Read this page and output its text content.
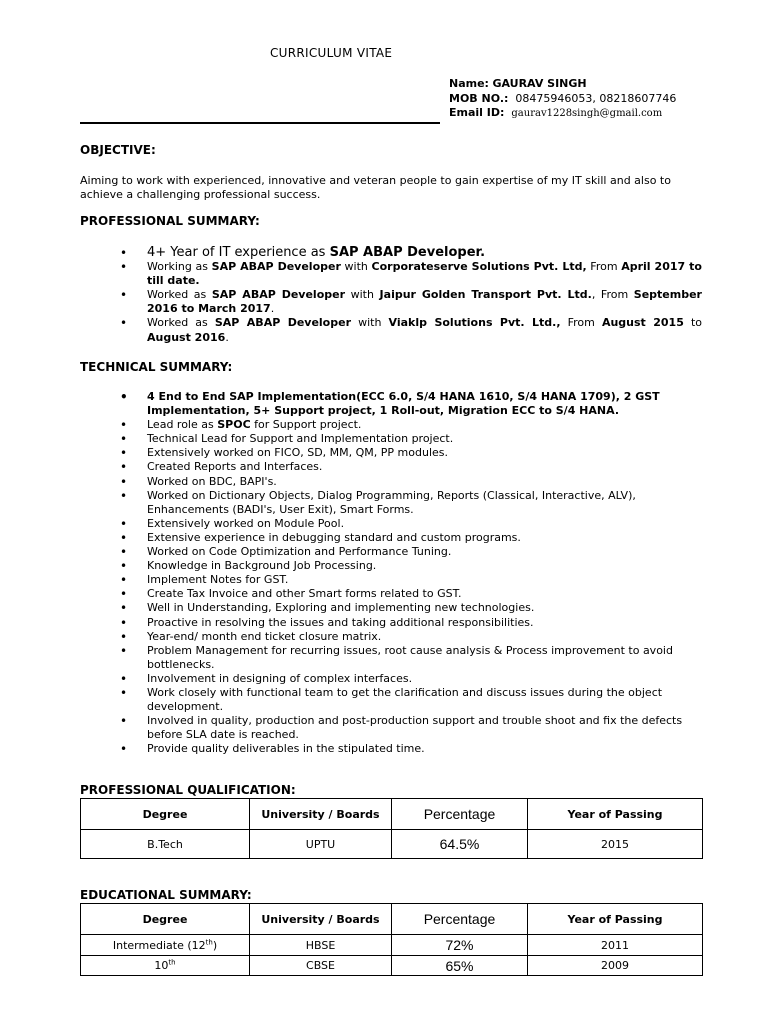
CURRICULUM VITAE
Name: GAURAV SINGH
MOB NO.: 08475946053, 08218607746
Email ID: gaurav1228singh@gmail.com
OBJECTIVE:
Aiming to work with experienced, innovative and veteran people to gain expertise of my IT skill and also to achieve a challenging professional success.
PROFESSIONAL SUMMARY:
• 4+ Year of IT experience as SAP ABAP Developer.
• Working as SAP ABAP Developer with Corporateserve Solutions Pvt. Ltd, From April 2017 to till date.
• Worked as SAP ABAP Developer with Jaipur Golden Transport Pvt. Ltd., From September 2016 to March 2017.
• Worked as SAP ABAP Developer with Viaklp Solutions Pvt. Ltd., From August 2015 to August 2016.
TECHNICAL SUMMARY:
• 4 End to End SAP Implementation(ECC 6.0, S/4 HANA 1610, S/4 HANA 1709), 2 GST Implementation, 5+ Support project, 1 Roll-out, Migration ECC to S/4 HANA.
• Lead role as SPOC for Support project.
• Technical Lead for Support and Implementation project.
• Extensively worked on FICO, SD, MM, QM, PP modules.
• Created Reports and Interfaces.
• Worked on BDC, BAPI's.
• Worked on Dictionary Objects, Dialog Programming, Reports (Classical, Interactive, ALV), Enhancements (BADI's, User Exit), Smart Forms.
• Extensively worked on Module Pool.
• Extensive experience in debugging standard and custom programs.
• Worked on Code Optimization and Performance Tuning.
• Knowledge in Background Job Processing.
• Implement Notes for GST.
• Create Tax Invoice and other Smart forms related to GST.
• Well in Understanding, Exploring and implementing new technologies.
• Proactive in resolving the issues and taking additional responsibilities.
• Year-end/ month end ticket closure matrix.
• Problem Management for recurring issues, root cause analysis & Process improvement to avoid bottlenecks.
• Involvement in designing of complex interfaces.
• Work closely with functional team to get the clarification and discuss issues during the object development.
• Involved in quality, production and post-production support and trouble shoot and fix the defects before SLA date is reached.
• Provide quality deliverables in the stipulated time.
PROFESSIONAL QUALIFICATION:
Degree	University / Boards	Percentage	Year of Passing
B.Tech	UPTU	64.5%	2015
EDUCATIONAL SUMMARY:
Degree	University / Boards	Percentage	Year of Passing
Intermediate (12th)	HBSE	72%	2011
10th	CBSE	65%	2009
